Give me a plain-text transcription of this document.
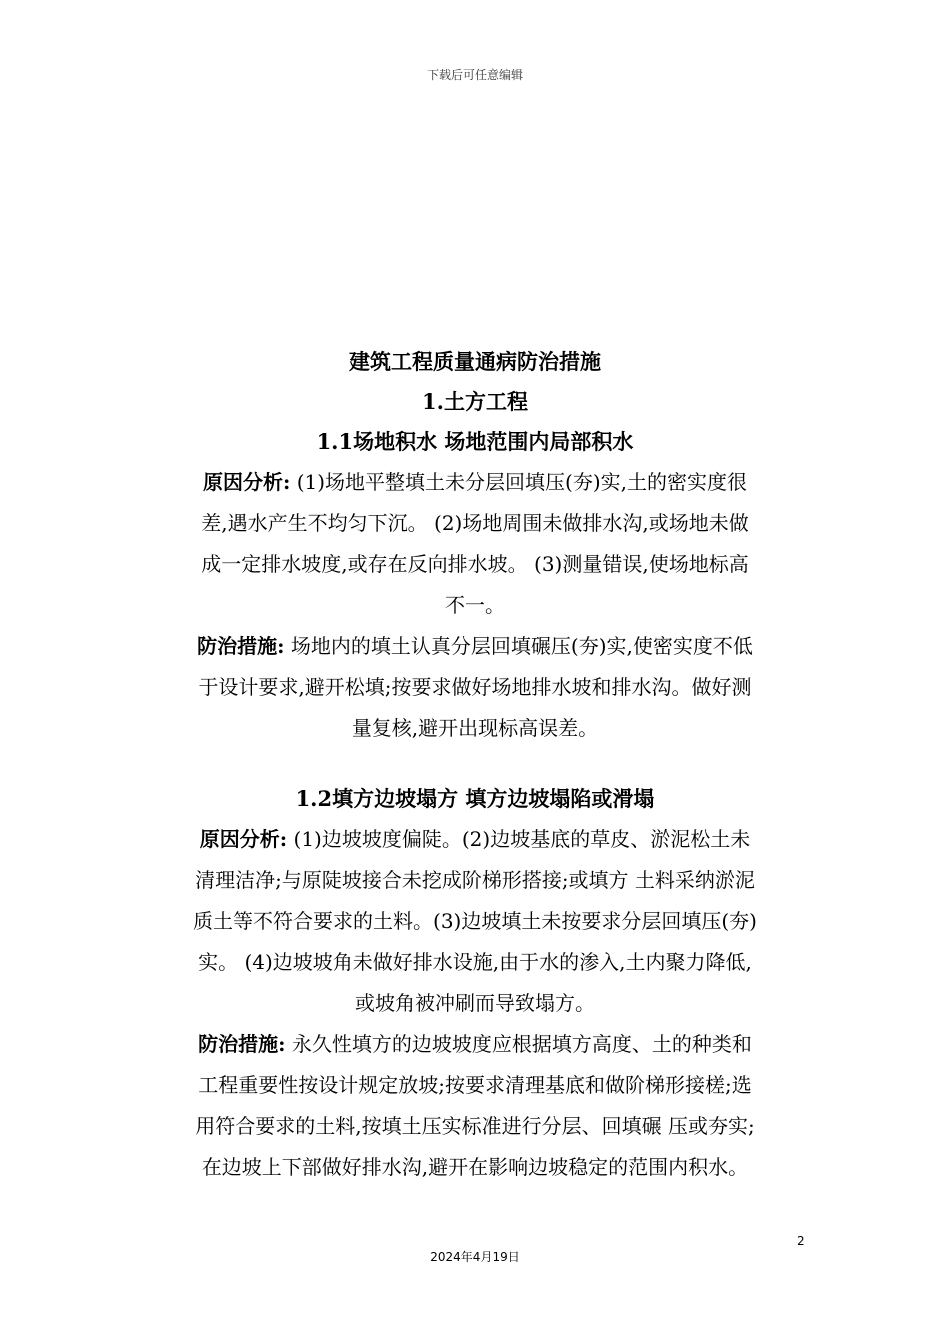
下载后可任意编辑

建筑工程质量通病防治措施

1.土方工程

1.1场地积水 场地范围内局部积水

原因分析: (1)场地平整填土未分层回填压(夯)实,土的密实度很

差,遇水产生不均匀下沉。 (2)场地周围未做排水沟,或场地未做

成一定排水坡度,或存在反向排水坡。 (3)测量错误,使场地标高

不一。

防治措施: 场地内的填土认真分层回填碾压(夯)实,使密实度不低

于设计要求,避开松填;按要求做好场地排水坡和排水沟。做好测

量复核,避开出现标高误差。

1.2填方边坡塌方 填方边坡塌陷或滑塌

原因分析: (1)边坡坡度偏陡。(2)边坡基底的草皮、淤泥松土未

清理洁净;与原陡坡接合未挖成阶梯形搭接;或填方 土料采纳淤泥

质土等不符合要求的土料。(3)边坡填土未按要求分层回填压(夯)

实。 (4)边坡坡角未做好排水设施,由于水的渗入,土内聚力降低,

或坡角被冲刷而导致塌方。

防治措施: 永久性填方的边坡坡度应根据填方高度、土的种类和

工程重要性按设计规定放坡;按要求清理基底和做阶梯形接槎;选

用符合要求的土料,按填土压实标准进行分层、回填碾 压或夯实;

在边坡上下部做好排水沟,避开在影响边坡稳定的范围内积水。

2
2024年4月19日
